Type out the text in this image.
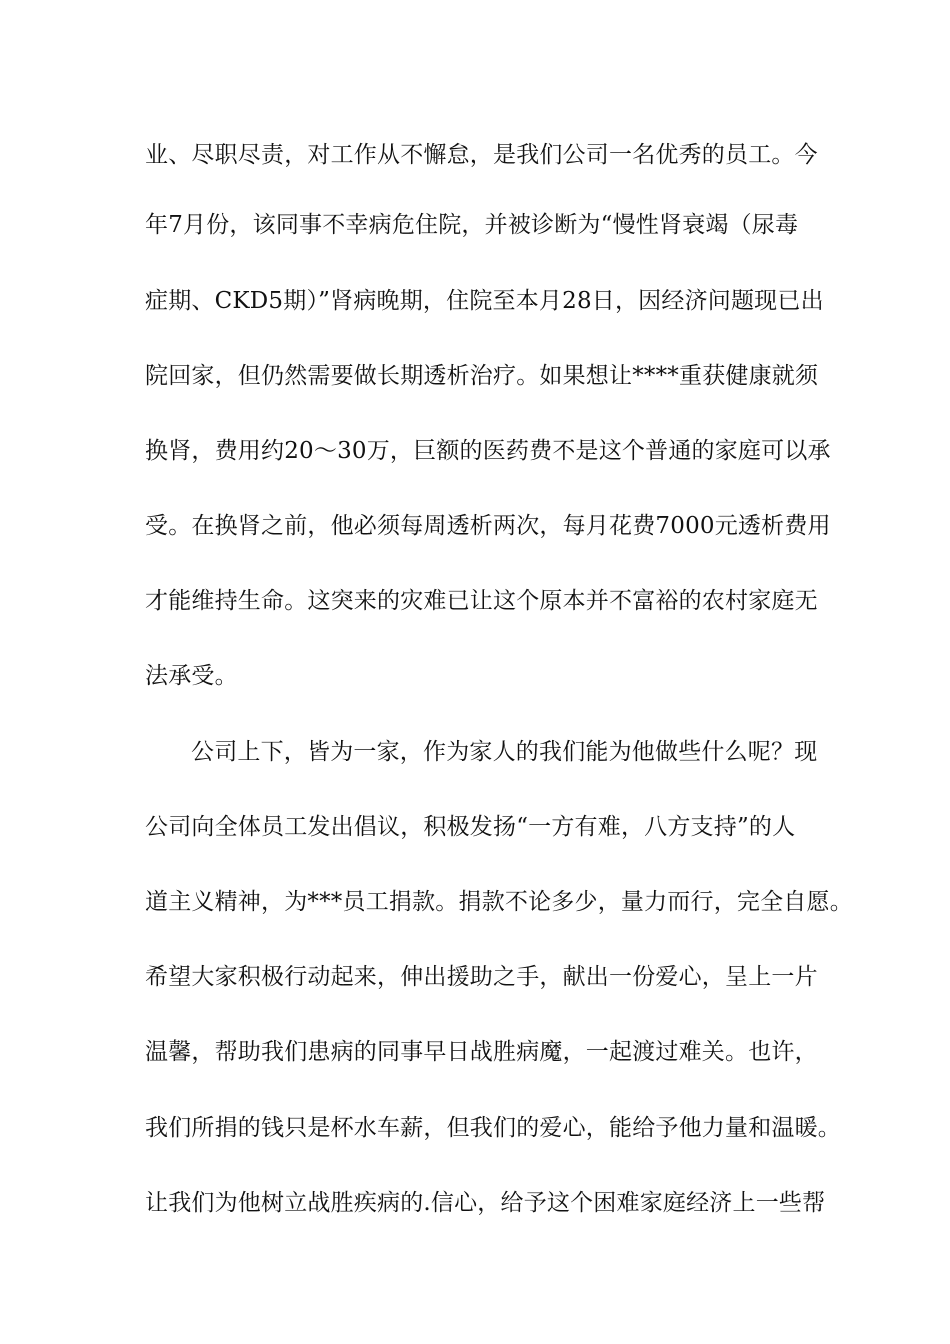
业、尽职尽责，对工作从不懈怠，是我们公司一名优秀的员工。今
年7月份，该同事不幸病危住院，并被诊断为“慢性肾衰竭（尿毒
症期、CKD5期）”肾病晚期，住院至本月28日，因经济问题现已出
院回家，但仍然需要做长期透析治疗。如果想让****重获健康就须
换肾，费用约20～30万，巨额的医药费不是这个普通的家庭可以承
受。在换肾之前，他必须每周透析两次，每月花费7000元透析费用
才能维持生命。这突来的灾难已让这个原本并不富裕的农村家庭无
法承受。
公司上下，皆为一家，作为家人的我们能为他做些什么呢？现
公司向全体员工发出倡议，积极发扬“一方有难，八方支持”的人
道主义精神，为***员工捐款。捐款不论多少，量力而行，完全自愿。
希望大家积极行动起来，伸出援助之手，献出一份爱心，呈上一片
温馨，帮助我们患病的同事早日战胜病魔，一起渡过难关。也许，
我们所捐的钱只是杯水车薪，但我们的爱心，能给予他力量和温暖。
让我们为他树立战胜疾病的.信心，给予这个困难家庭经济上一些帮
